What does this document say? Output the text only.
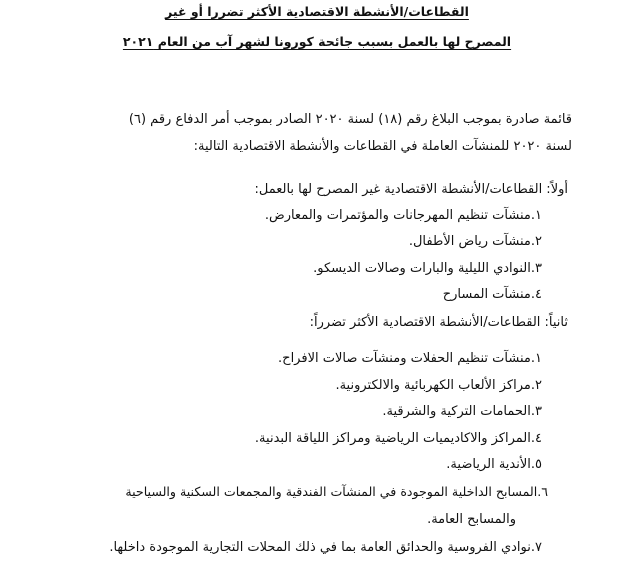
القطاعات/الأنشطة الاقتصادية الأكثر تضررا أو غير
المصرح لها بالعمل بسبب جائحة كورونا لشهر آب من العام ٢٠٢١
قائمة صادرة بموجب البلاغ رقم (١٨) لسنة ٢٠٢٠ الصادر بموجب أمر الدفاع رقم (٦)
لسنة ٢٠٢٠ للمنشآت العاملة في القطاعات والأنشطة الاقتصادية التالية:
أولاً: القطاعات/الأنشطة الاقتصادية غير المصرح لها بالعمل:
١.منشآت تنظيم المهرجانات والمؤتمرات والمعارض.
٢.منشآت رياض الأطفال.
٣.النوادي الليلية والبارات وصالات الديسكو.
٤.منشآت المسارح
ثانياً: القطاعات/الأنشطة الاقتصادية الأكثر تضرراً:
١.منشآت تنظيم الحفلات ومنشآت صالات الافراح.
٢.مراكز الألعاب الكهربائية والالكترونية.
٣.الحمامات التركية والشرقية.
٤.المراكز والاكاديميات الرياضية ومراكز اللياقة البدنية.
٥.الأندية الرياضية.
٦.المسابح الداخلية الموجودة في المنشآت الفندقية والمجمعات السكنية والسياحية
والمسابح العامة.
٧.نوادي الفروسية والحدائق العامة بما في ذلك المحلات التجارية الموجودة داخلها.
